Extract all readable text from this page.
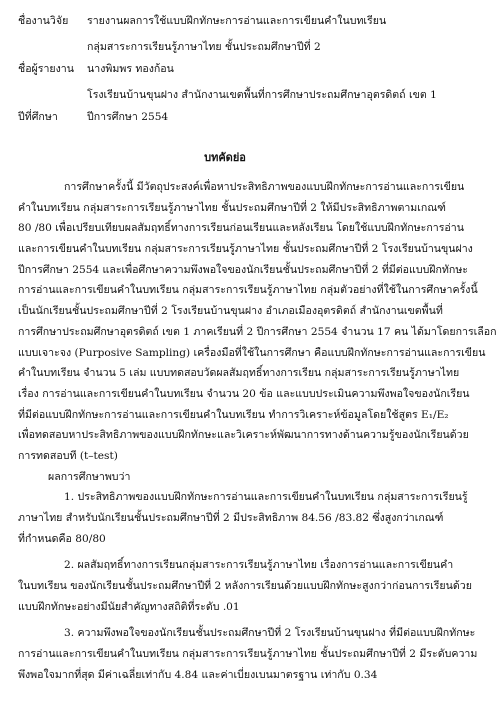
ชื่องานวิจัย	รายงานผลการใช้แบบฝึกทักษะการอ่านและการเขียนคำในบทเรียน
กลุ่มสาระการเรียนรู้ภาษาไทย ชั้นประถมศึกษาปีที่ 2
ชื่อผู้รายงาน	นางพิมพร ทองก้อน
โรงเรียนบ้านขุนฝาง สำนักงานเขตพื้นที่การศึกษาประถมศึกษาอุตรดิตถ์ เขต 1
ปีที่ศึกษา	ปีการศึกษา 2554
บทคัดย่อ
การศึกษาครั้งนี้ มีวัตถุประสงค์เพื่อหาประสิทธิภาพของแบบฝึกทักษะการอ่านและการเขียน
คำในบทเรียน กลุ่มสาระการเรียนรู้ภาษาไทย ชั้นประถมศึกษาปีที่ 2 ให้มีประสิทธิภาพตามเกณฑ์
80 /80 เพื่อเปรียบเทียบผลสัมฤทธิ์ทางการเรียนก่อนเรียนและหลังเรียน โดยใช้แบบฝึกทักษะการอ่าน
และการเขียนคำในบทเรียน กลุ่มสาระการเรียนรู้ภาษาไทย ชั้นประถมศึกษาปีที่ 2 โรงเรียนบ้านขุนฝาง
ปีการศึกษา 2554 และเพื่อศึกษาความพึงพอใจของนักเรียนชั้นประถมศึกษาปีที่ 2 ที่มีต่อแบบฝึกทักษะ
การอ่านและการเขียนคำในบทเรียน กลุ่มสาระการเรียนรู้ภาษาไทย กลุ่มตัวอย่างที่ใช้ในการศึกษาครั้งนี้
เป็นนักเรียนชั้นประถมศึกษาปีที่ 2 โรงเรียนบ้านขุนฝาง อำเภอเมืองอุตรดิตถ์ สำนักงานเขตพื้นที่
การศึกษาประถมศึกษาอุตรดิตถ์ เขต 1 ภาคเรียนที่ 2 ปีการศึกษา 2554 จำนวน 17 คน ได้มาโดยการเลือก
แบบเจาะจง (Purposive Sampling) เครื่องมือที่ใช้ในการศึกษา คือแบบฝึกทักษะการอ่านและการเขียน
คำในบทเรียน จำนวน 5 เล่ม แบบทดสอบวัดผลสัมฤทธิ์ทางการเรียน กลุ่มสาระการเรียนรู้ภาษาไทย
เรื่อง การอ่านและการเขียนคำในบทเรียน จำนวน 20 ข้อ และแบบประเมินความพึงพอใจของนักเรียน
ที่มีต่อแบบฝึกทักษะการอ่านและการเขียนคำในบทเรียน ทำการวิเคราะห์ข้อมูลโดยใช้สูตร E₁/E₂
เพื่อทดสอบหาประสิทธิภาพของแบบฝึกทักษะและวิเคราะห์พัฒนาการทางด้านความรู้ของนักเรียนด้วย
การทดสอบที (t–test)
ผลการศึกษาพบว่า
1. ประสิทธิภาพของแบบฝึกทักษะการอ่านและการเขียนคำในบทเรียน กลุ่มสาระการเรียนรู้
ภาษาไทย สำหรับนักเรียนชั้นประถมศึกษาปีที่ 2 มีประสิทธิภาพ 84.56 /83.82 ซึ่งสูงกว่าเกณฑ์
ที่กำหนดคือ 80/80
2. ผลสัมฤทธิ์ทางการเรียนกลุ่มสาระการเรียนรู้ภาษาไทย เรื่องการอ่านและการเขียนคำ
ในบทเรียน ของนักเรียนชั้นประถมศึกษาปีที่ 2 หลังการเรียนด้วยแบบฝึกทักษะสูงกว่าก่อนการเรียนด้วย
แบบฝึกทักษะอย่างมีนัยสำคัญทางสถิติที่ระดับ .01
3. ความพึงพอใจของนักเรียนชั้นประถมศึกษาปีที่ 2 โรงเรียนบ้านขุนฝาง ที่มีต่อแบบฝึกทักษะ
การอ่านและการเขียนคำในบทเรียน กลุ่มสาระการเรียนรู้ภาษาไทย ชั้นประถมศึกษาปีที่ 2 มีระดับความ
พึงพอใจมากที่สุด มีค่าเฉลี่ยเท่ากับ 4.84 และค่าเบี่ยงเบนมาตรฐาน เท่ากับ 0.34
